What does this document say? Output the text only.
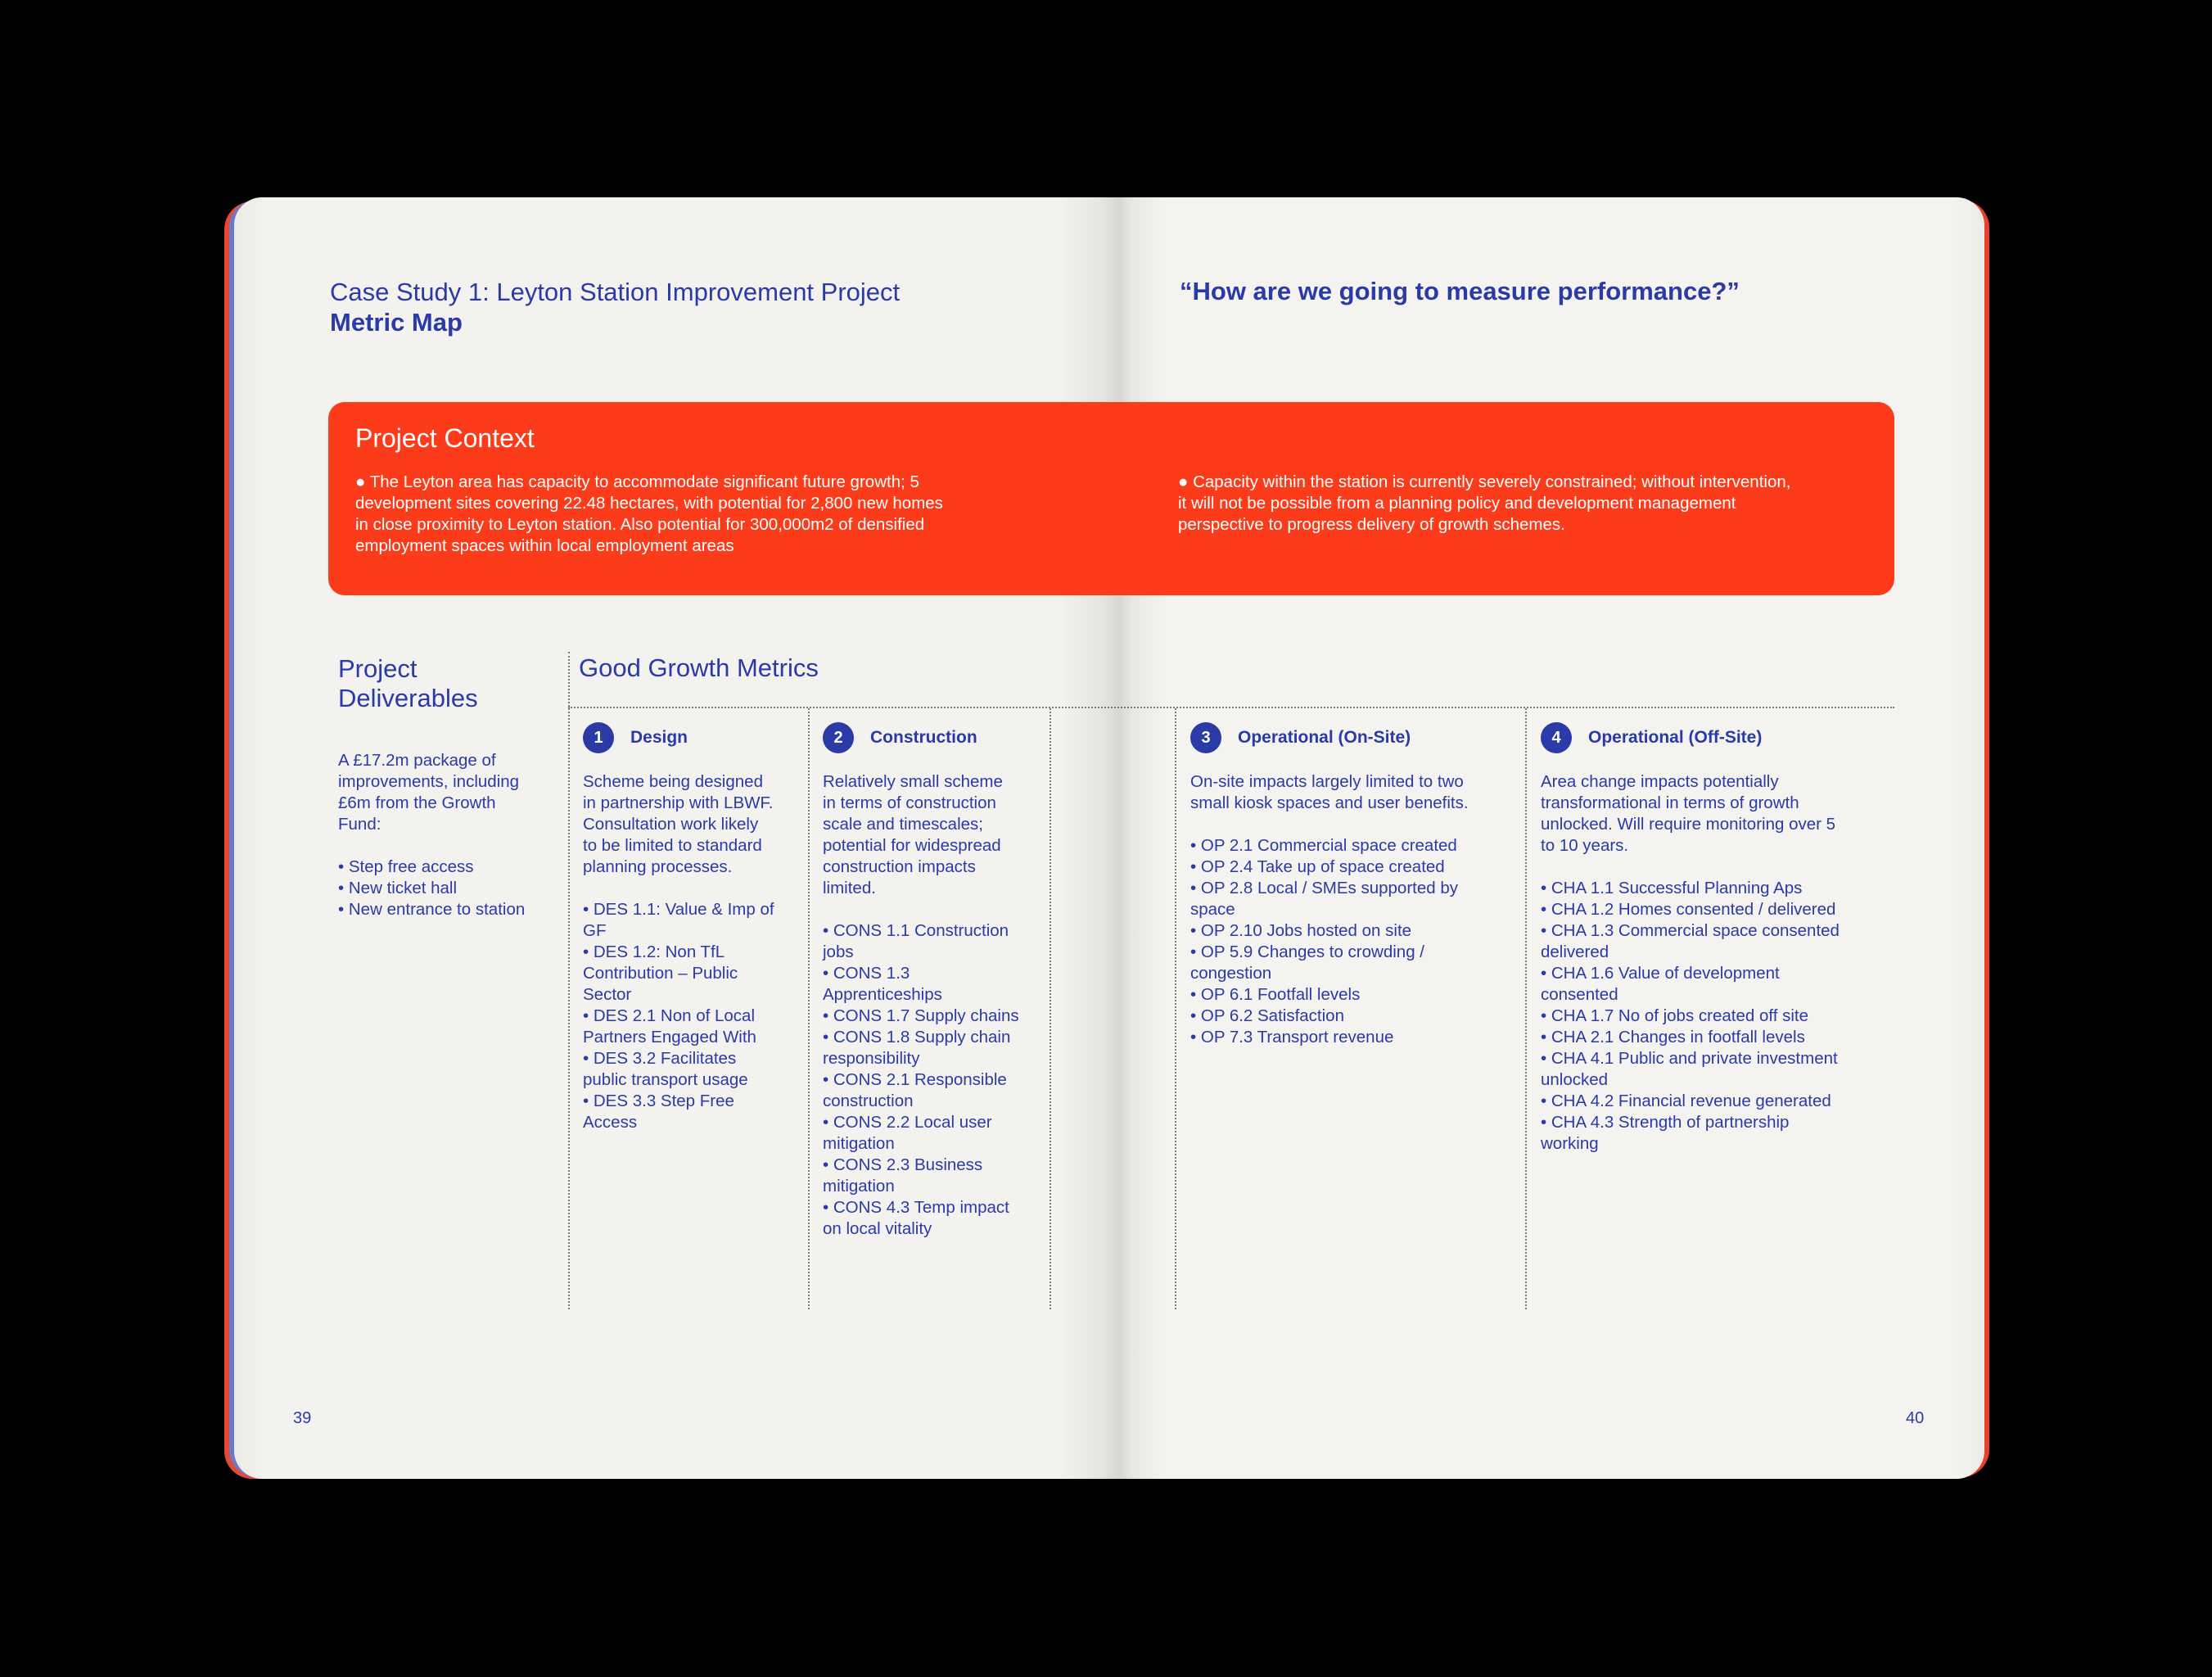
Case Study 1: Leyton Station Improvement Project
Metric Map
“How are we going to measure performance?”
Project Context
● The Leyton area has capacity to accommodate significant future growth; 5
development sites covering 22.48 hectares, with potential for 2,800 new homes
in close proximity to Leyton station. Also potential for 300,000m2 of densified
employment spaces within local employment areas
● Capacity within the station is currently severely constrained; without intervention,
it will not be possible from a planning policy and development management
perspective to progress delivery of growth schemes.
Project
Deliverables
A £17.2m package of
improvements, including
£6m from the Growth
Fund:
• Step free access
• New ticket hall
• New entrance to station
Good Growth Metrics
1	Design
Scheme being designed
in partnership with LBWF.
Consultation work likely
to be limited to standard
planning processes.
• DES 1.1: Value & Imp of
GF
• DES 1.2: Non TfL
Contribution – Public
Sector
• DES 2.1 Non of Local
Partners Engaged With
• DES 3.2 Facilitates
public transport usage
• DES 3.3 Step Free
Access
2	Construction
Relatively small scheme
in terms of construction
scale and timescales;
potential for widespread
construction impacts
limited.
• CONS 1.1 Construction
jobs
• CONS 1.3
Apprenticeships
• CONS 1.7 Supply chains
• CONS 1.8 Supply chain
responsibility
• CONS 2.1 Responsible
construction
• CONS 2.2 Local user
mitigation
• CONS 2.3 Business
mitigation
• CONS 4.3 Temp impact
on local vitality
3	Operational (On-Site)
On-site impacts largely limited to two
small kiosk spaces and user benefits.
• OP 2.1 Commercial space created
• OP 2.4 Take up of space created
• OP 2.8 Local / SMEs supported by
space
• OP 2.10 Jobs hosted on site
• OP 5.9 Changes to crowding /
congestion
• OP 6.1 Footfall levels
• OP 6.2 Satisfaction
• OP 7.3 Transport revenue
4	Operational (Off-Site)
Area change impacts potentially
transformational in terms of growth
unlocked. Will require monitoring over 5
to 10 years.
• CHA 1.1 Successful Planning Aps
• CHA 1.2 Homes consented / delivered
• CHA 1.3 Commercial space consented
delivered
• CHA 1.6 Value of development
consented
• CHA 1.7 No of jobs created off site
• CHA 2.1 Changes in footfall levels
• CHA 4.1 Public and private investment
unlocked
• CHA 4.2 Financial revenue generated
• CHA 4.3 Strength of partnership
working
39	40
